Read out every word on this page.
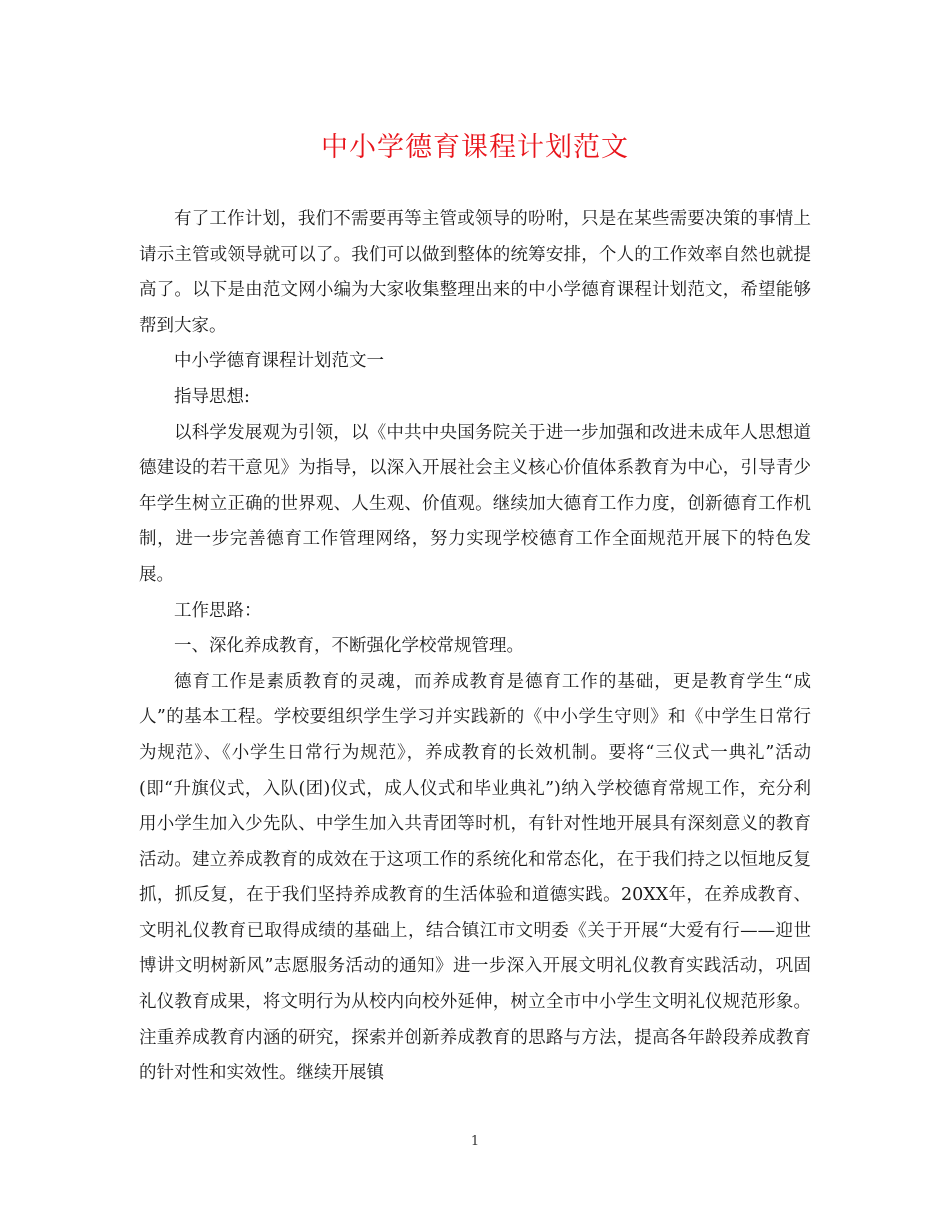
中小学德育课程计划范文

有了工作计划，我们不需要再等主管或领导的吩咐，只是在某些需要决策的事情上请示主管或领导就可以了。我们可以做到整体的统筹安排，个人的工作效率自然也就提高了。以下是由范文网小编为大家收集整理出来的中小学德育课程计划范文，希望能够帮到大家。

中小学德育课程计划范文一

指导思想:

以科学发展观为引领，以《中共中央国务院关于进一步加强和改进未成年人思想道德建设的若干意见》为指导，以深入开展社会主义核心价值体系教育为中心，引导青少年学生树立正确的世界观、人生观、价值观。继续加大德育工作力度，创新德育工作机制，进一步完善德育工作管理网络，努力实现学校德育工作全面规范开展下的特色发展。

工作思路：

一、深化养成教育，不断强化学校常规管理。

德育工作是素质教育的灵魂，而养成教育是德育工作的基础，更是教育学生“成人”的基本工程。学校要组织学生学习并实践新的《中小学生守则》和《中学生日常行为规范》、《小学生日常行为规范》，养成教育的长效机制。要将“三仪式一典礼”活动(即“升旗仪式，入队(团)仪式，成人仪式和毕业典礼”)纳入学校德育常规工作，充分利用小学生加入少先队、中学生加入共青团等时机，有针对性地开展具有深刻意义的教育活动。建立养成教育的成效在于这项工作的系统化和常态化，在于我们持之以恒地反复抓，抓反复，在于我们坚持养成教育的生活体验和道德实践。20XX年，在养成教育、文明礼仪教育已取得成绩的基础上，结合镇江市文明委《关于开展“大爱有行——迎世博讲文明树新风”志愿服务活动的通知》进一步深入开展文明礼仪教育实践活动，巩固礼仪教育成果，将文明行为从校内向校外延伸，树立全市中小学生文明礼仪规范形象。注重养成教育内涵的研究，探索并创新养成教育的思路与方法，提高各年龄段养成教育的针对性和实效性。继续开展镇

1
